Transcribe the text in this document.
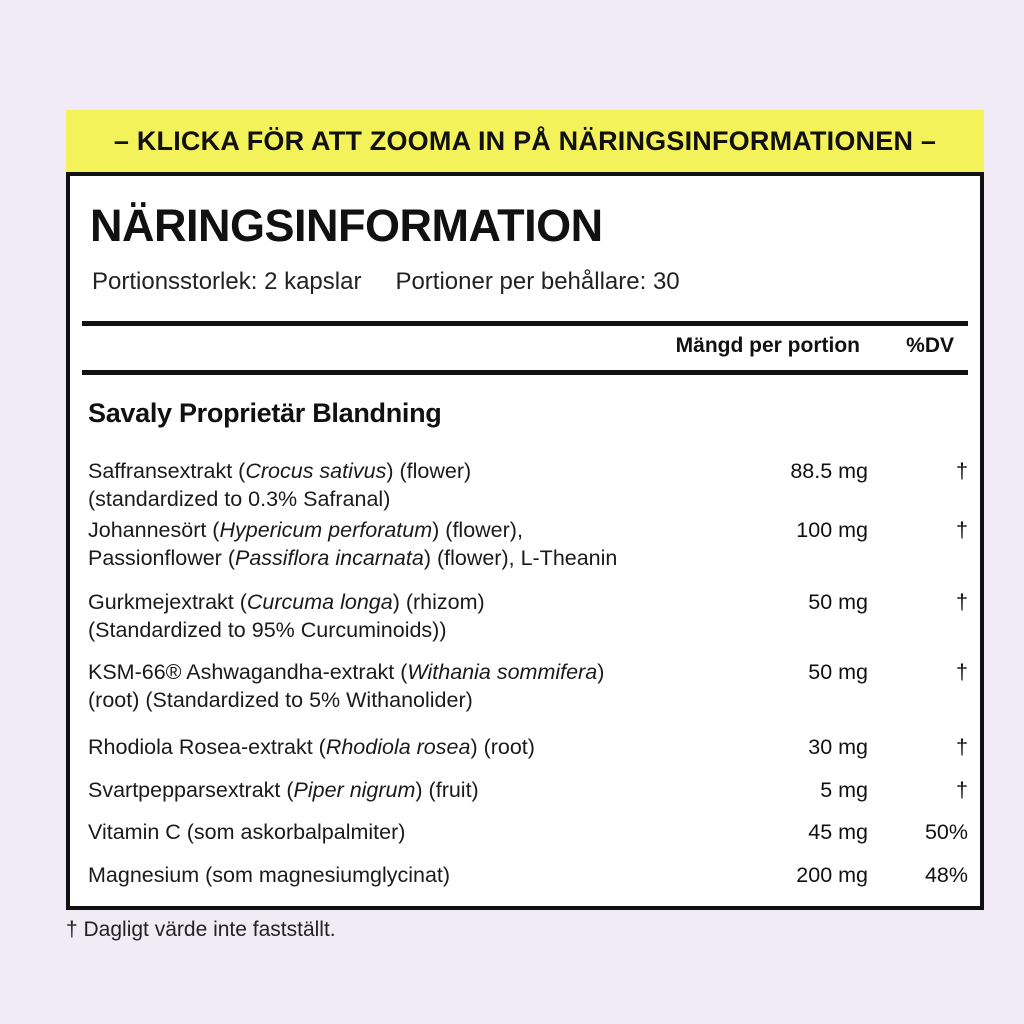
– KLICKA FÖR ATT ZOOMA IN PÅ NÄRINGSINFORMATIONEN –
NÄRINGSINFORMATION
Portionsstorlek: 2 kapslar Portioner per behållare: 30
Mängd per portion %DV
Savaly Proprietär Blandning
Saffransextrakt (Crocus sativus) (flower)
(standardized to 0.3% Safranal)
88.5 mg	†
Johannesört (Hypericum perforatum) (flower),
Passionflower (Passiflora incarnata) (flower), L-Theanin
100 mg	†
Gurkmejextrakt (Curcuma longa) (rhizom)
(Standardized to 95% Curcuminoids))
50 mg	†
KSM-66® Ashwagandha-extrakt (Withania sommifera)
(root) (Standardized to 5% Withanolider)
50 mg	†
Rhodiola Rosea-extrakt (Rhodiola rosea) (root)	30 mg	†
Svartpepparsextrakt (Piper nigrum) (fruit)	5 mg	†
Vitamin C (som askorbalpalmiter)	45 mg	50%
Magnesium (som magnesiumglycinat)	200 mg	48%
† Dagligt värde inte fastställt.
